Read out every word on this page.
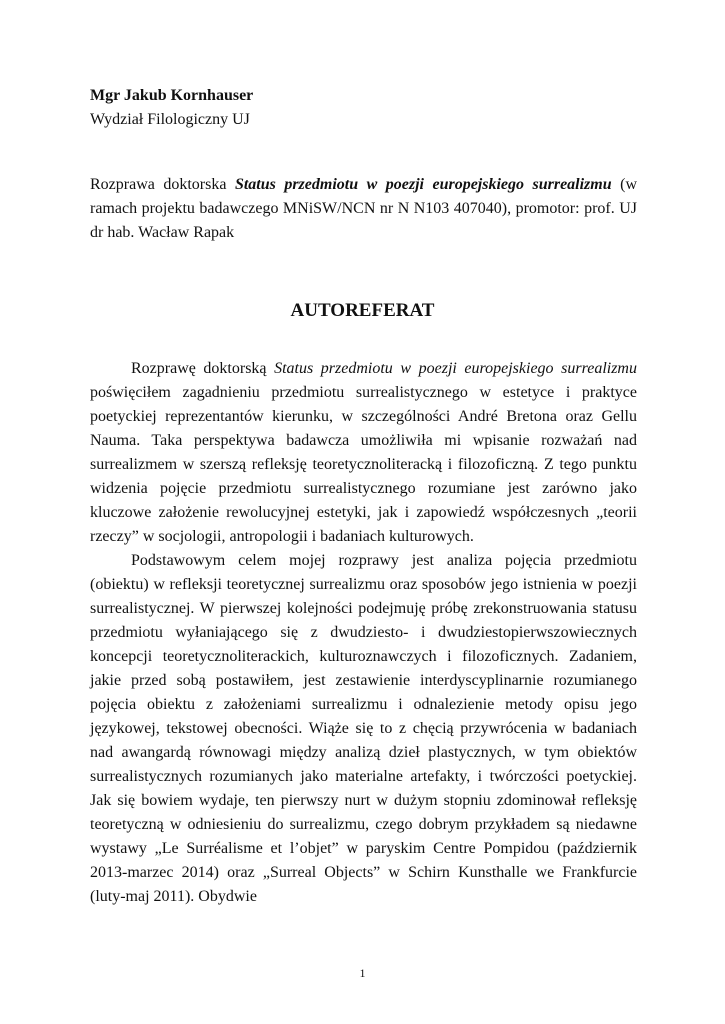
Mgr Jakub Kornhauser
Wydział Filologiczny UJ
Rozprawa doktorska Status przedmiotu w poezji europejskiego surrealizmu (w ramach projektu badawczego MNiSW/NCN nr N N103 407040), promotor: prof. UJ dr hab. Wacław Rapak
AUTOREFERAT

Rozprawę doktorską Status przedmiotu w poezji europejskiego surrealizmu poświęciłem zagadnieniu przedmiotu surrealistycznego w estetyce i praktyce poetyckiej reprezentantów kierunku, w szczególności André Bretona oraz Gellu Nauma. Taka perspektywa badawcza umożliwiła mi wpisanie rozważań nad surrealizmem w szerszą refleksję teoretycznoliteracką i filozoficzną. Z tego punktu widzenia pojęcie przedmiotu surrealistycznego rozumiane jest zarówno jako kluczowe założenie rewolucyjnej estetyki, jak i zapowiedź współczesnych „teorii rzeczy” w socjologii, antropologii i badaniach kulturowych.

Podstawowym celem mojej rozprawy jest analiza pojęcia przedmiotu (obiektu) w refleksji teoretycznej surrealizmu oraz sposobów jego istnienia w poezji surrealistycznej. W pierwszej kolejności podejmuję próbę zrekonstruowania statusu przedmiotu wyłaniającego się z dwudziesto- i dwudziestopierwszowiecznych koncepcji teoretycznoliterackich, kulturoznawczych i filozoficznych. Zadaniem, jakie przed sobą postawiłem, jest zestawienie interdyscyplinarnie rozumianego pojęcia obiektu z założeniami surrealizmu i odnalezienie metody opisu jego językowej, tekstowej obecności. Wiąże się to z chęcią przywrócenia w badaniach nad awangardą równowagi między analizą dzieł plastycznych, w tym obiektów surrealistycznych rozumianych jako materialne artefakty, i twórczości poetyckiej. Jak się bowiem wydaje, ten pierwszy nurt w dużym stopniu zdominował refleksję teoretyczną w odniesieniu do surrealizmu, czego dobrym przykładem są niedawne wystawy „Le Surréalisme et l’objet” w paryskim Centre Pompidou (październik 2013-marzec 2014) oraz „Surreal Objects” w Schirn Kunsthalle we Frankfurcie (luty-maj 2011). Obydwie

1
